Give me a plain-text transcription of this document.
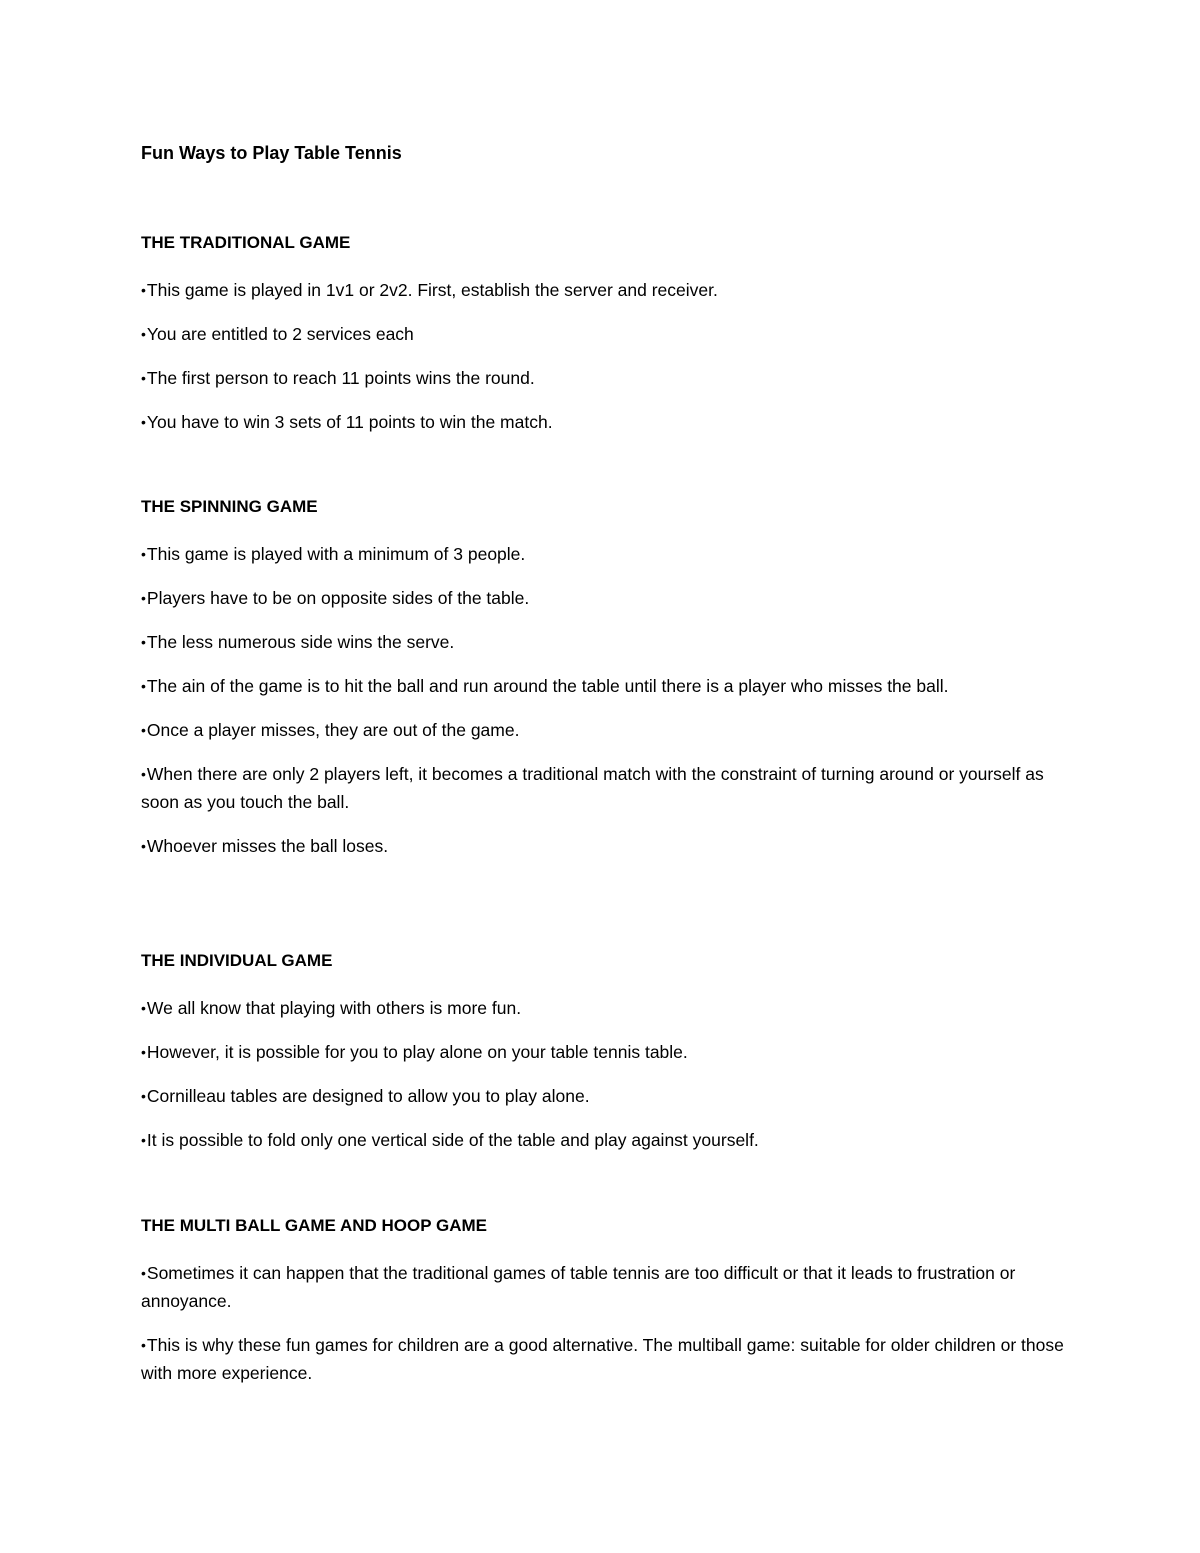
Fun Ways to Play Table Tennis
THE TRADITIONAL GAME

•This game is played in 1v1 or 2v2. First, establish the server and receiver.

•You are entitled to 2 services each

•The first person to reach 11 points wins the round.

•You have to win 3 sets of 11 points to win the match.

THE SPINNING GAME

•This game is played with a minimum of 3 people.

•Players have to be on opposite sides of the table.

•The less numerous side wins the serve.

•The ain of the game is to hit the ball and run around the table until there is a player who misses the ball.

•Once a player misses, they are out of the game.

•When there are only 2 players left, it becomes a traditional match with the constraint of turning around or yourself as soon as you touch the ball.

•Whoever misses the ball loses.

THE INDIVIDUAL GAME

•We all know that playing with others is more fun.

•However, it is possible for you to play alone on your table tennis table.

•Cornilleau tables are designed to allow you to play alone.

•It is possible to fold only one vertical side of the table and play against yourself.

THE MULTI BALL GAME AND HOOP GAME

•Sometimes it can happen that the traditional games of table tennis are too difficult or that it leads to frustration or annoyance.

•This is why these fun games for children are a good alternative. The multiball game: suitable for older children or those with more experience.
